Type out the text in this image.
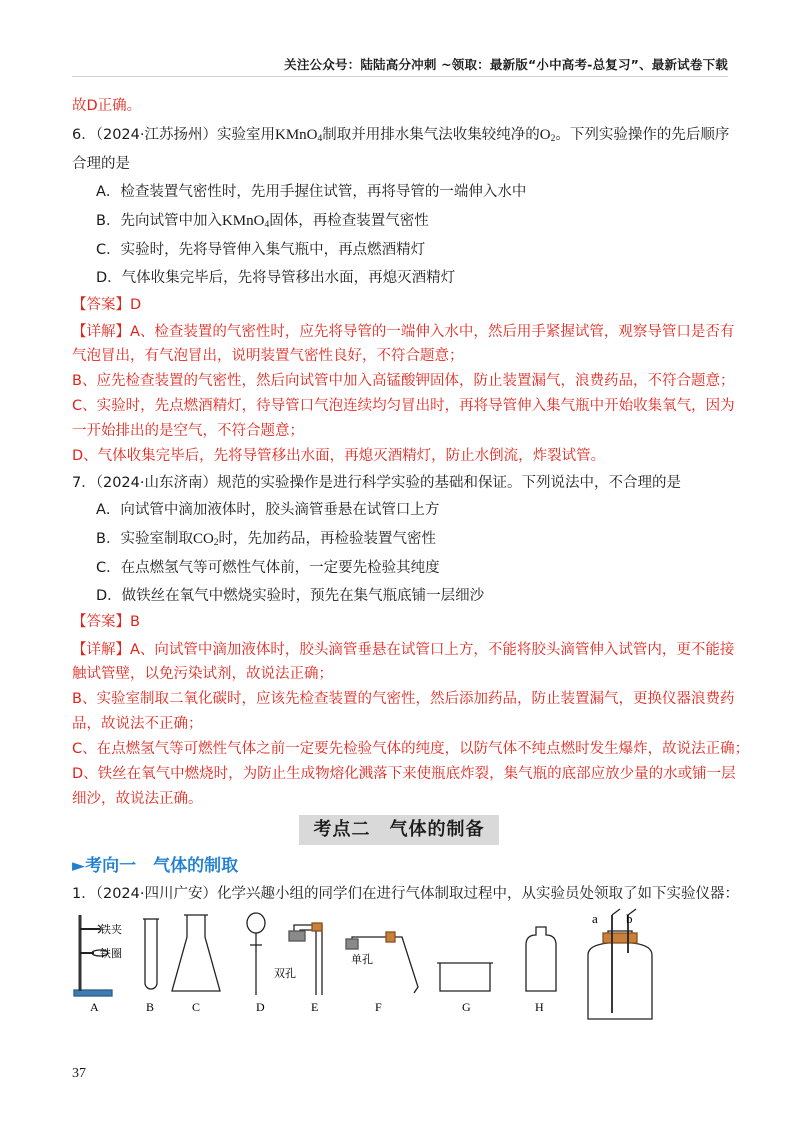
关注公众号：陆陆高分冲刺 ~领取：最新版“小中高考-总复习”、最新试卷下载
故D正确。
6．（2024·江苏扬州）实验室用KMnO$_4$制取并用排水集气法收集较纯净的$O_2$。下列实验操作的先后顺序
合理的是
A．检查装置气密性时，先用手握住试管，再将导管的一端伸入水中
B．先向试管中加入KMnO$_4$固体，再检查装置气密性
C．实验时，先将导管伸入集气瓶中，再点燃酒精灯
D．气体收集完毕后，先将导管移出水面，再熄灭酒精灯
【答案】D
【详解】A、检查装置的气密性时，应先将导管的一端伸入水中，然后用手紧握试管，观察导管口是否有
气泡冒出，有气泡冒出，说明装置气密性良好，不符合题意；
B、应先检查装置的气密性，然后向试管中加入高锰酸钾固体，防止装置漏气，浪费药品，不符合题意；
C、实验时，先点燃酒精灯，待导管口气泡连续均匀冒出时，再将导管伸入集气瓶中开始收集氧气，因为
一开始排出的是空气，不符合题意；
D、气体收集完毕后，先将导管移出水面，再熄灭酒精灯，防止水倒流，炸裂试管。
7．（2024·山东济南）规范的实验操作是进行科学实验的基础和保证。下列说法中，不合理的是
A．向试管中滴加液体时，胶头滴管垂悬在试管口上方
B．实验室制取$CO_2$时，先加药品，再检验装置气密性
C．在点燃氢气等可燃性气体前，一定要先检验其纯度
D．做铁丝在氧气中燃烧实验时，预先在集气瓶底铺一层细沙
【答案】B
【详解】A、向试管中滴加液体时，胶头滴管垂悬在试管口上方，不能将胶头滴管伸入试管内，更不能接
触试管壁，以免污染试剂，故说法正确；
B、实验室制取二氧化碳时，应该先检查装置的气密性，然后添加药品，防止装置漏气，更换仪器浪费药
品，故说法不正确；
C、在点燃氢气等可燃性气体之前一定要先检验气体的纯度，以防气体不纯点燃时发生爆炸，故说法正确；
D、铁丝在氧气中燃烧时，为防止生成物熔化溅落下来使瓶底炸裂，集气瓶的底部应放少量的水或铺一层
细沙，故说法正确。
考点二　气体的制备
►考向一　气体的制取
1．（2024·四川广安）化学兴趣小组的同学们在进行气体制取过程中，从实验员处领取了如下实验仪器：
铁夹
铁圈
双孔
单孔
a b
A	B	C	D	E	F	G	H
37
